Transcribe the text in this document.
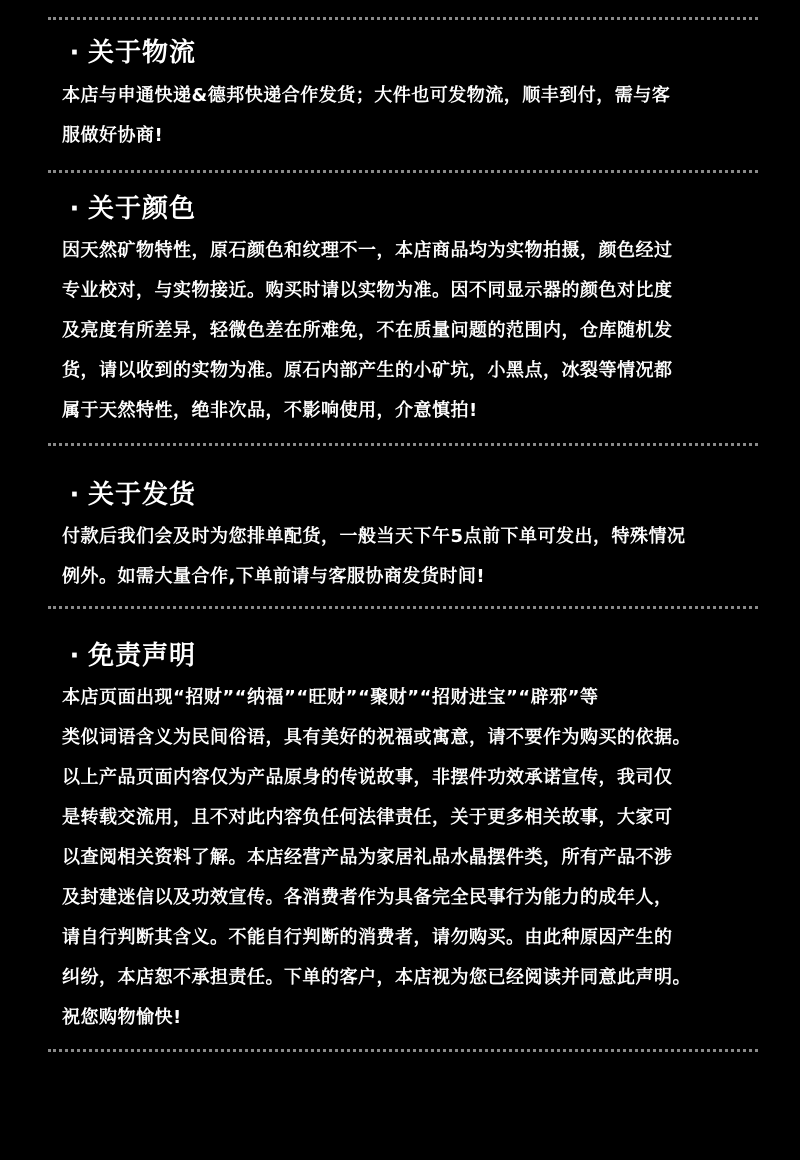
· 关于物流
本店与申通快递&德邦快递合作发货；大件也可发物流，顺丰到付，需与客
服做好协商!
· 关于颜色
因天然矿物特性，原石颜色和纹理不一，本店商品均为实物拍摄，颜色经过
专业校对，与实物接近。购买时请以实物为准。因不同显示器的颜色对比度
及亮度有所差异，轻微色差在所难免，不在质量问题的范围内，仓库随机发
货，请以收到的实物为准。原石内部产生的小矿坑，小黑点，冰裂等情况都
属于天然特性，绝非次品，不影响使用，介意慎拍!
· 关于发货
付款后我们会及时为您排单配货，一般当天下午5点前下单可发出，特殊情况
例外。如需大量合作,下单前请与客服协商发货时间!
· 免责声明
本店页面出现“招财”“纳福”“旺财”“聚财”“招财进宝”“辟邪”等
类似词语含义为民间俗语，具有美好的祝福或寓意，请不要作为购买的依据。
以上产品页面内容仅为产品原身的传说故事，非摆件功效承诺宣传，我司仅
是转载交流用，且不对此内容负任何法律责任，关于更多相关故事，大家可
以查阅相关资料了解。本店经营产品为家居礼品水晶摆件类，所有产品不涉
及封建迷信以及功效宣传。各消费者作为具备完全民事行为能力的成年人，
请自行判断其含义。不能自行判断的消费者，请勿购买。由此种原因产生的
纠纷，本店恕不承担责任。下单的客户，本店视为您已经阅读并同意此声明。
祝您购物愉快!
